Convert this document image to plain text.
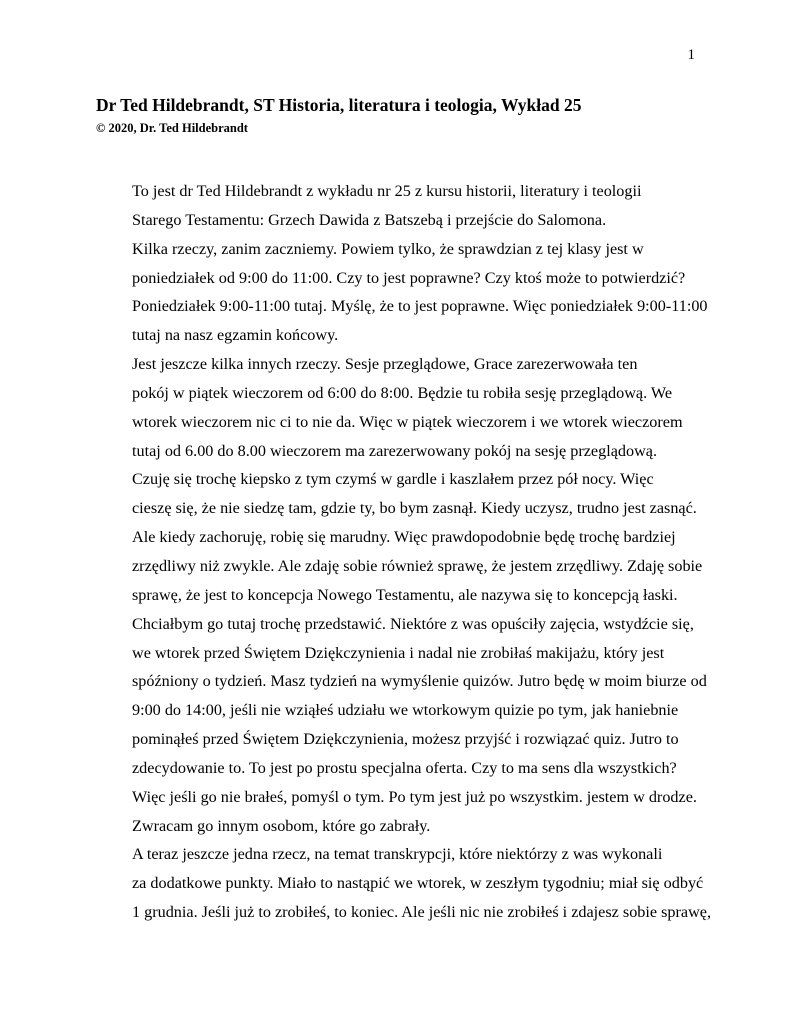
1
Dr Ted Hildebrandt, ST Historia, literatura i teologia, Wykład 25
© 2020, Dr. Ted Hildebrandt

To jest dr Ted Hildebrandt z wykładu nr 25 z kursu historii, literatury i teologii
Starego Testamentu: Grzech Dawida z Batszebą i przejście do Salomona.

Kilka rzeczy, zanim zaczniemy. Powiem tylko, że sprawdzian z tej klasy jest w
poniedziałek od 9:00 do 11:00. Czy to jest poprawne? Czy ktoś może to potwierdzić?
Poniedziałek 9:00-11:00 tutaj. Myślę, że to jest poprawne. Więc poniedziałek 9:00-11:00
tutaj na nasz egzamin końcowy.

Jest jeszcze kilka innych rzeczy. Sesje przeglądowe, Grace zarezerwowała ten
pokój w piątek wieczorem od 6:00 do 8:00. Będzie tu robiła sesję przeglądową. We
wtorek wieczorem nic ci to nie da. Więc w piątek wieczorem i we wtorek wieczorem
tutaj od 6.00 do 8.00 wieczorem ma zarezerwowany pokój na sesję przeglądową.

Czuję się trochę kiepsko z tym czymś w gardle i kaszlałem przez pół nocy. Więc
cieszę się, że nie siedzę tam, gdzie ty, bo bym zasnął. Kiedy uczysz, trudno jest zasnąć.
Ale kiedy zachoruję, robię się marudny. Więc prawdopodobnie będę trochę bardziej
zrzędliwy niż zwykle. Ale zdaję sobie również sprawę, że jestem zrzędliwy. Zdaję sobie
sprawę, że jest to koncepcja Nowego Testamentu, ale nazywa się to koncepcją łaski.
Chciałbym go tutaj trochę przedstawić. Niektóre z was opuściły zajęcia, wstydźcie się,
we wtorek przed Świętem Dziękczynienia i nadal nie zrobiłaś makijażu, który jest
spóźniony o tydzień. Masz tydzień na wymyślenie quizów. Jutro będę w moim biurze od
9:00 do 14:00, jeśli nie wziąłeś udziału we wtorkowym quizie po tym, jak haniebnie
pominąłeś przed Świętem Dziękczynienia, możesz przyjść i rozwiązać quiz. Jutro to
zdecydowanie to. To jest po prostu specjalna oferta. Czy to ma sens dla wszystkich?
Więc jeśli go nie brałeś, pomyśl o tym. Po tym jest już po wszystkim. jestem w drodze.
Zwracam go innym osobom, które go zabrały.

A teraz jeszcze jedna rzecz, na temat transkrypcji, które niektórzy z was wykonali
za dodatkowe punkty. Miało to nastąpić we wtorek, w zeszłym tygodniu; miał się odbyć
1 grudnia. Jeśli już to zrobiłeś, to koniec. Ale jeśli nic nie zrobiłeś i zdajesz sobie sprawę,
